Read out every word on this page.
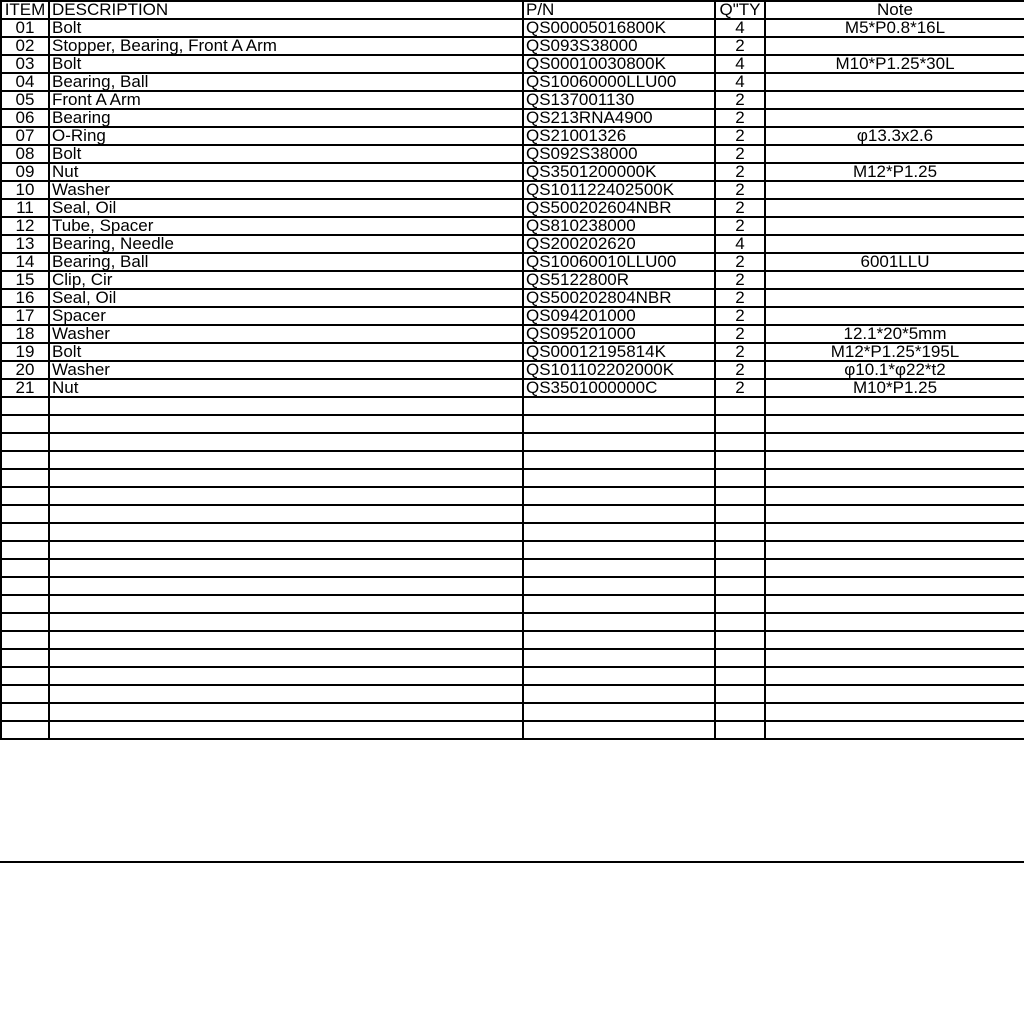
ITEM	DESCRIPTION	P/N	Q"TY	Note
01	Bolt	QS00005016800K	4	M5*P0.8*16L
02	Stopper, Bearing, Front A Arm	QS093S38000	2	
03	Bolt	QS00010030800K	4	M10*P1.25*30L
04	Bearing, Ball	QS10060000LLU00	4	
05	Front A Arm	QS137001130	2	
06	Bearing	QS213RNA4900	2	
07	O-Ring	QS21001326	2	φ13.3x2.6
08	Bolt	QS092S38000	2	
09	Nut	QS3501200000K	2	M12*P1.25
10	Washer	QS101122402500K	2	
11	Seal, Oil	QS500202604NBR	2	
12	Tube, Spacer	QS810238000	2	
13	Bearing, Needle	QS200202620	4	
14	Bearing, Ball	QS10060010LLU00	2	6001LLU
15	Clip, Cir	QS5122800R	2	
16	Seal, Oil	QS500202804NBR	2	
17	Spacer	QS094201000	2	
18	Washer	QS095201000	2	12.1*20*5mm
19	Bolt	QS00012195814K	2	M12*P1.25*195L
20	Washer	QS101102202000K	2	φ10.1*φ22*t2
21	Nut	QS3501000000C	2	M10*P1.25
